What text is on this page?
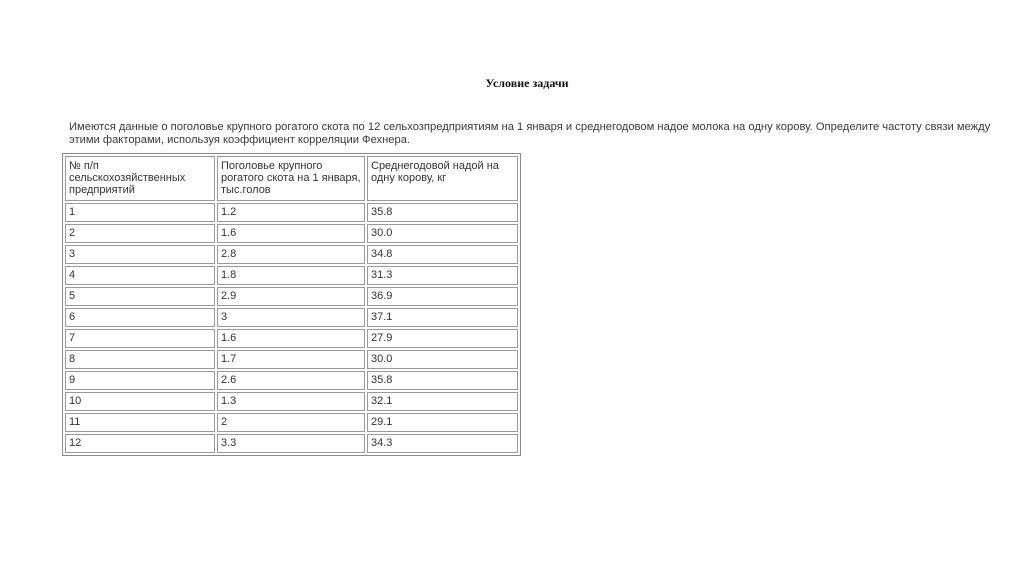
Условие задачи
Имеются данные о поголовье крупного рогатого скота по 12 сельхозпредприятиям на 1 января и среднегодовом надое молока на одну корову. Определите частоту связи между этими факторами, используя коэффициент корреляции Фехнера.
№ п/п сельскохозяйственных предприятий	Поголовье крупного рогатого скота на 1 января, тыс.голов	Среднегодовой надой на одну корову, кг
1	1.2	35.8
2	1.6	30.0
3	2.8	34.8
4	1.8	31.3
5	2.9	36.9
6	3	37.1
7	1.6	27.9
8	1.7	30.0
9	2.6	35.8
10	1.3	32.1
11	2	29.1
12	3.3	34.3
